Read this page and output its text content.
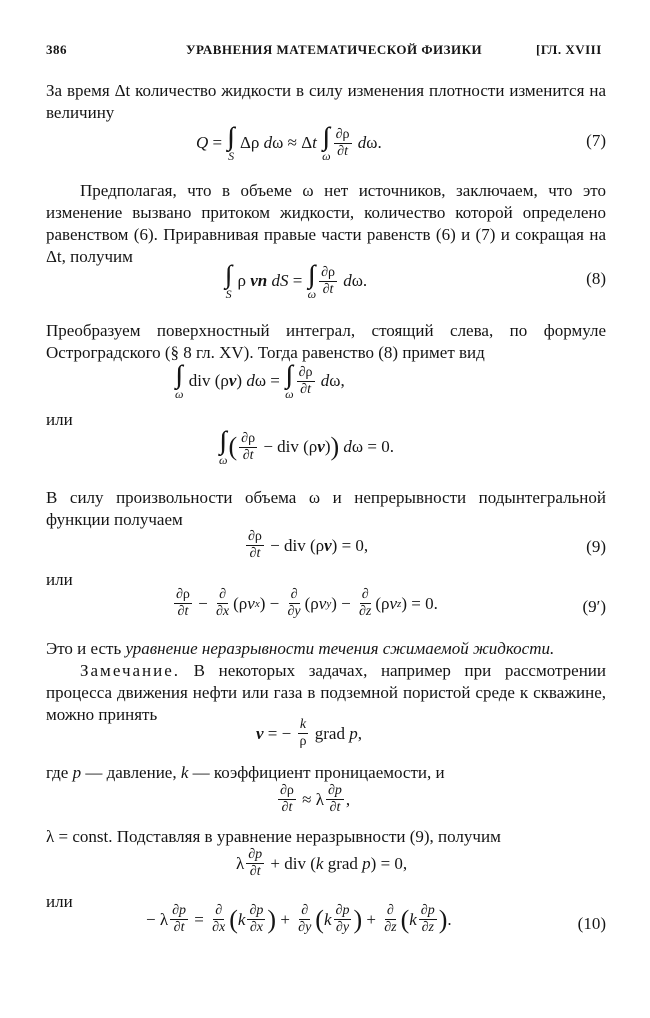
386	УРАВНЕНИЯ МАТЕМАТИЧЕСКОЙ ФИЗИКИ	[ГЛ. XVIII
За время Δt количество жидкости в силу изменения плотности изменится на величину
Q = ∫∫∫
S
Δρ d ω ≈ Δ t
∫∫∫
ω $\frac{\partial\rho}{\partial t}$
d ω.	(7)
Предполагая, что в объеме ω нет источников, заключаем, что это изменение вызвано притоком жидкости, количество которой определено равенством (6). Приравнивая правые части равенств (6) и (7) и сокращая на Δt, получим
∫∫
S
ρ vn
dS = ∫∫∫
ω $\frac{\partial\rho}{\partial t}$
d ω.	(8)
Преобразуем поверхностный интеграл, стоящий слева, по формуле Остроградского (§ 8 гл. XV). Тогда равенство (8) примет вид
∫∫∫
ω
div (ρ v ) d ω = ∫∫∫
ω $\frac{\partial\rho}{\partial t}$
d ω,
или
∫∫∫
ω ( $\frac{\partial\rho}{\partial t}$ − div (ρ v ) )
d ω = 0.
В силу произвольности объема ω и непрерывности подынтегральной функции получаем
$\frac{\partial\rho}{\partial t}$ − div (ρ v ) = 0,	(9)
или
$\frac{\partial\rho}{\partial t} - \frac{\partial}{\partial x} (\rho$ v x ) − $\frac{\partial}{\partial y} (\rho$ v y ) − $\frac{\partial}{\partial z} (\rho$ v z ) = 0.	(9′)
Это и есть уравнение неразрывности течения сжимаемой жидкости.
Замечание. В некоторых задачах, например при рассмотрении процесса движения нефти или газа в подземной пористой среде к скважине, можно принять
v = − $\frac{k}{\rho}$ grad p ,
где p — давление, k — коэффициент проницаемости, и
$\frac{\partial\rho}{\partial t} \approx \lambda \frac{\partial p}{\partial t}$ ,
λ = const. Подставляя в уравнение неразрывности (9), получим
λ $\frac{\partial p}{\partial t}$ + div ( k grad p ) = 0,
или
− λ $\frac{\partial p}{\partial t} = \frac{\partial}{\partial x}$ ( k $\frac{\partial p}{\partial x}$ ) + $\frac{\partial}{\partial y}$ ( k $\frac{\partial p}{\partial y}$ ) + $\frac{\partial}{\partial z}$ ( k $\frac{\partial p}{\partial z}$ ) .	(10)
